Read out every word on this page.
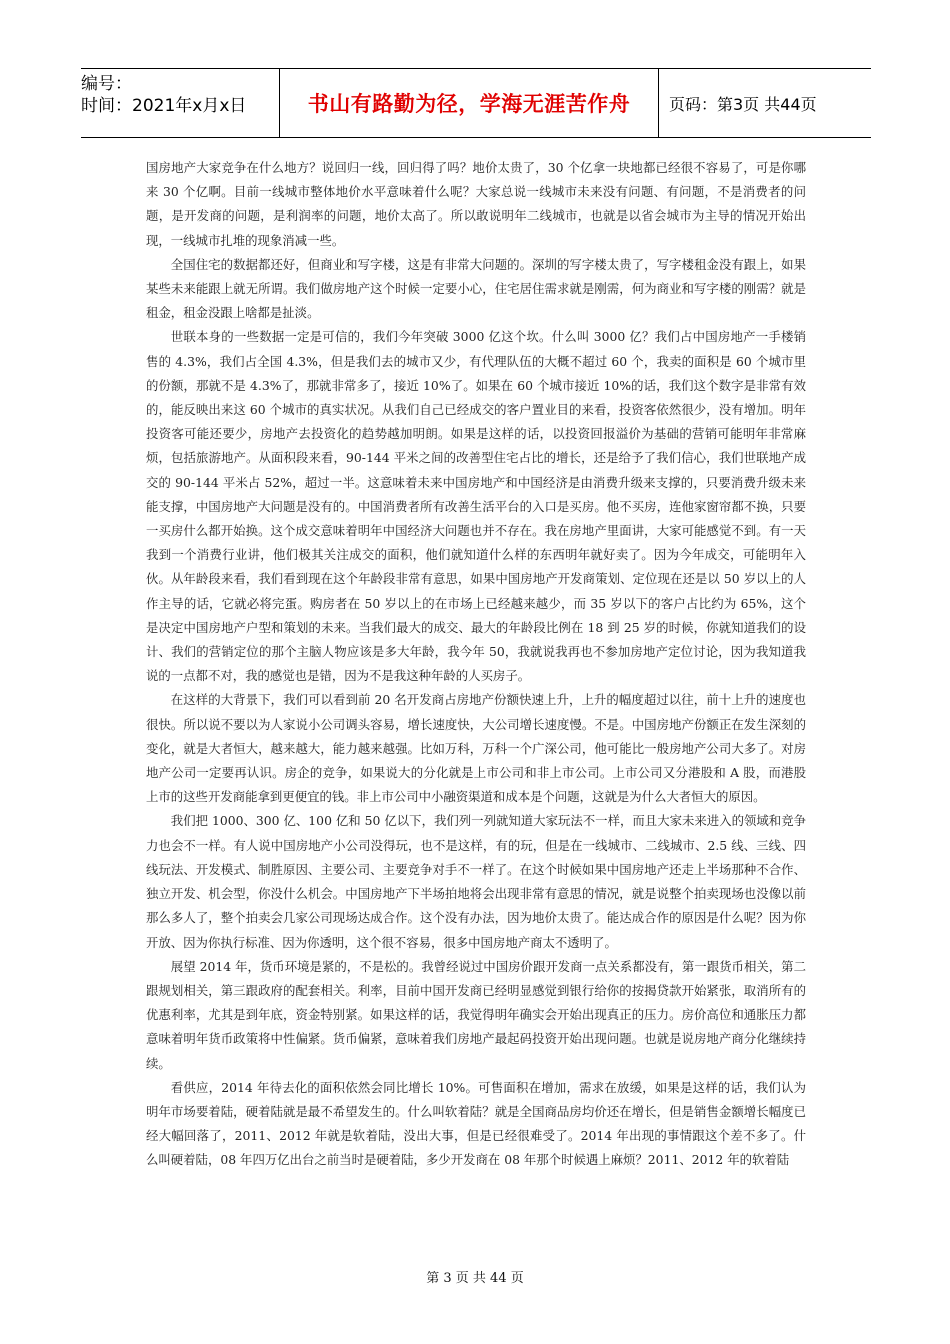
编号：
时间：2021年x月x日	书山有路勤为径，学海无涯苦作舟	页码：第3页 共44页

国房地产大家竞争在什么地方？说回归一线，回归得了吗？地价太贵了，30 个亿拿一块地都已经很不容易了，可是你哪来 30 个亿啊。目前一线城市整体地价水平意味着什么呢？大家总说一线城市未来没有问题、有问题，不是消费者的问题，是开发商的问题，是利润率的问题，地价太高了。所以敢说明年二线城市，也就是以省会城市为主导的情况开始出现，一线城市扎堆的现象消减一些。

全国住宅的数据都还好，但商业和写字楼，这是有非常大问题的。深圳的写字楼太贵了，写字楼租金没有跟上，如果某些未来能跟上就无所谓。我们做房地产这个时候一定要小心，住宅居住需求就是刚需，何为商业和写字楼的刚需？就是租金，租金没跟上啥都是扯淡。

世联本身的一些数据一定是可信的，我们今年突破 3000 亿这个坎。什么叫 3000 亿？我们占中国房地产一手楼销售的 4.3%，我们占全国 4.3%，但是我们去的城市又少，有代理队伍的大概不超过 60 个，我卖的面积是 60 个城市里的份额，那就不是 4.3%了，那就非常多了，接近 10%了。如果在 60 个城市接近 10%的话，我们这个数字是非常有效的，能反映出来这 60 个城市的真实状况。从我们自己已经成交的客户置业目的来看，投资客依然很少，没有增加。明年投资客可能还要少，房地产去投资化的趋势越加明朗。如果是这样的话，以投资回报溢价为基础的营销可能明年非常麻烦，包括旅游地产。从面积段来看，90-144 平米之间的改善型住宅占比的增长，还是给予了我们信心，我们世联地产成交的 90-144 平米占 52%，超过一半。这意味着未来中国房地产和中国经济是由消费升级来支撑的，只要消费升级未来能支撑，中国房地产大问题是没有的。中国消费者所有改善生活平台的入口是买房。他不买房，连他家窗帘都不换，只要一买房什么都开始换。这个成交意味着明年中国经济大问题也并不存在。我在房地产里面讲，大家可能感觉不到。有一天我到一个消费行业讲，他们极其关注成交的面积，他们就知道什么样的东西明年就好卖了。因为今年成交，可能明年入伙。从年龄段来看，我们看到现在这个年龄段非常有意思，如果中国房地产开发商策划、定位现在还是以 50 岁以上的人作主导的话，它就必将完蛋。购房者在 50 岁以上的在市场上已经越来越少，而 35 岁以下的客户占比约为 65%，这个是决定中国房地产户型和策划的未来。当我们最大的成交、最大的年龄段比例在 18 到 25 岁的时候，你就知道我们的设计、我们的营销定位的那个主脑人物应该是多大年龄，我今年 50，我就说我再也不参加房地产定位讨论，因为我知道我说的一点都不对，我的感觉也是错，因为不是我这种年龄的人买房子。

在这样的大背景下，我们可以看到前 20 名开发商占房地产份额快速上升，上升的幅度超过以往，前十上升的速度也很快。所以说不要以为人家说小公司调头容易，增长速度快，大公司增长速度慢。不是。中国房地产份额正在发生深刻的变化，就是大者恒大，越来越大，能力越来越强。比如万科，万科一个广深公司，他可能比一般房地产公司大多了。对房地产公司一定要再认识。房企的竞争，如果说大的分化就是上市公司和非上市公司。上市公司又分港股和 A 股，而港股上市的这些开发商能拿到更便宜的钱。非上市公司中小融资渠道和成本是个问题，这就是为什么大者恒大的原因。

我们把 1000、300 亿、100 亿和 50 亿以下，我们列一列就知道大家玩法不一样，而且大家未来进入的领域和竞争力也会不一样。有人说中国房地产小公司没得玩，也不是这样，有的玩，但是在一线城市、二线城市、2.5 线、三线、四线玩法、开发模式、制胜原因、主要公司、主要竞争对手不一样了。在这个时候如果中国房地产还走上半场那种不合作、独立开发、机会型，你没什么机会。中国房地产下半场拍地将会出现非常有意思的情况，就是说整个拍卖现场也没像以前那么多人了，整个拍卖会几家公司现场达成合作。这个没有办法，因为地价太贵了。能达成合作的原因是什么呢？因为你开放、因为你执行标准、因为你透明，这个很不容易，很多中国房地产商太不透明了。

展望 2014 年，货币环境是紧的，不是松的。我曾经说过中国房价跟开发商一点关系都没有，第一跟货币相关，第二跟规划相关，第三跟政府的配套相关。利率，目前中国开发商已经明显感觉到银行给你的按揭贷款开始紧张，取消所有的优惠利率，尤其是到年底，资金特别紧。如果这样的话，我觉得明年确实会开始出现真正的压力。房价高位和通胀压力都意味着明年货币政策将中性偏紧。货币偏紧，意味着我们房地产最起码投资开始出现问题。也就是说房地产商分化继续持续。

看供应，2014 年待去化的面积依然会同比增长 10%。可售面积在增加，需求在放缓，如果是这样的话，我们认为明年市场要着陆，硬着陆就是最不希望发生的。什么叫软着陆？就是全国商品房均价还在增长，但是销售金额增长幅度已经大幅回落了，2011、2012 年就是软着陆，没出大事，但是已经很难受了。2014 年出现的事情跟这个差不多了。什么叫硬着陆，08 年四万亿出台之前当时是硬着陆，多少开发商在 08 年那个时候遇上麻烦？2011、2012 年的软着陆

第 3 页 共 44 页
